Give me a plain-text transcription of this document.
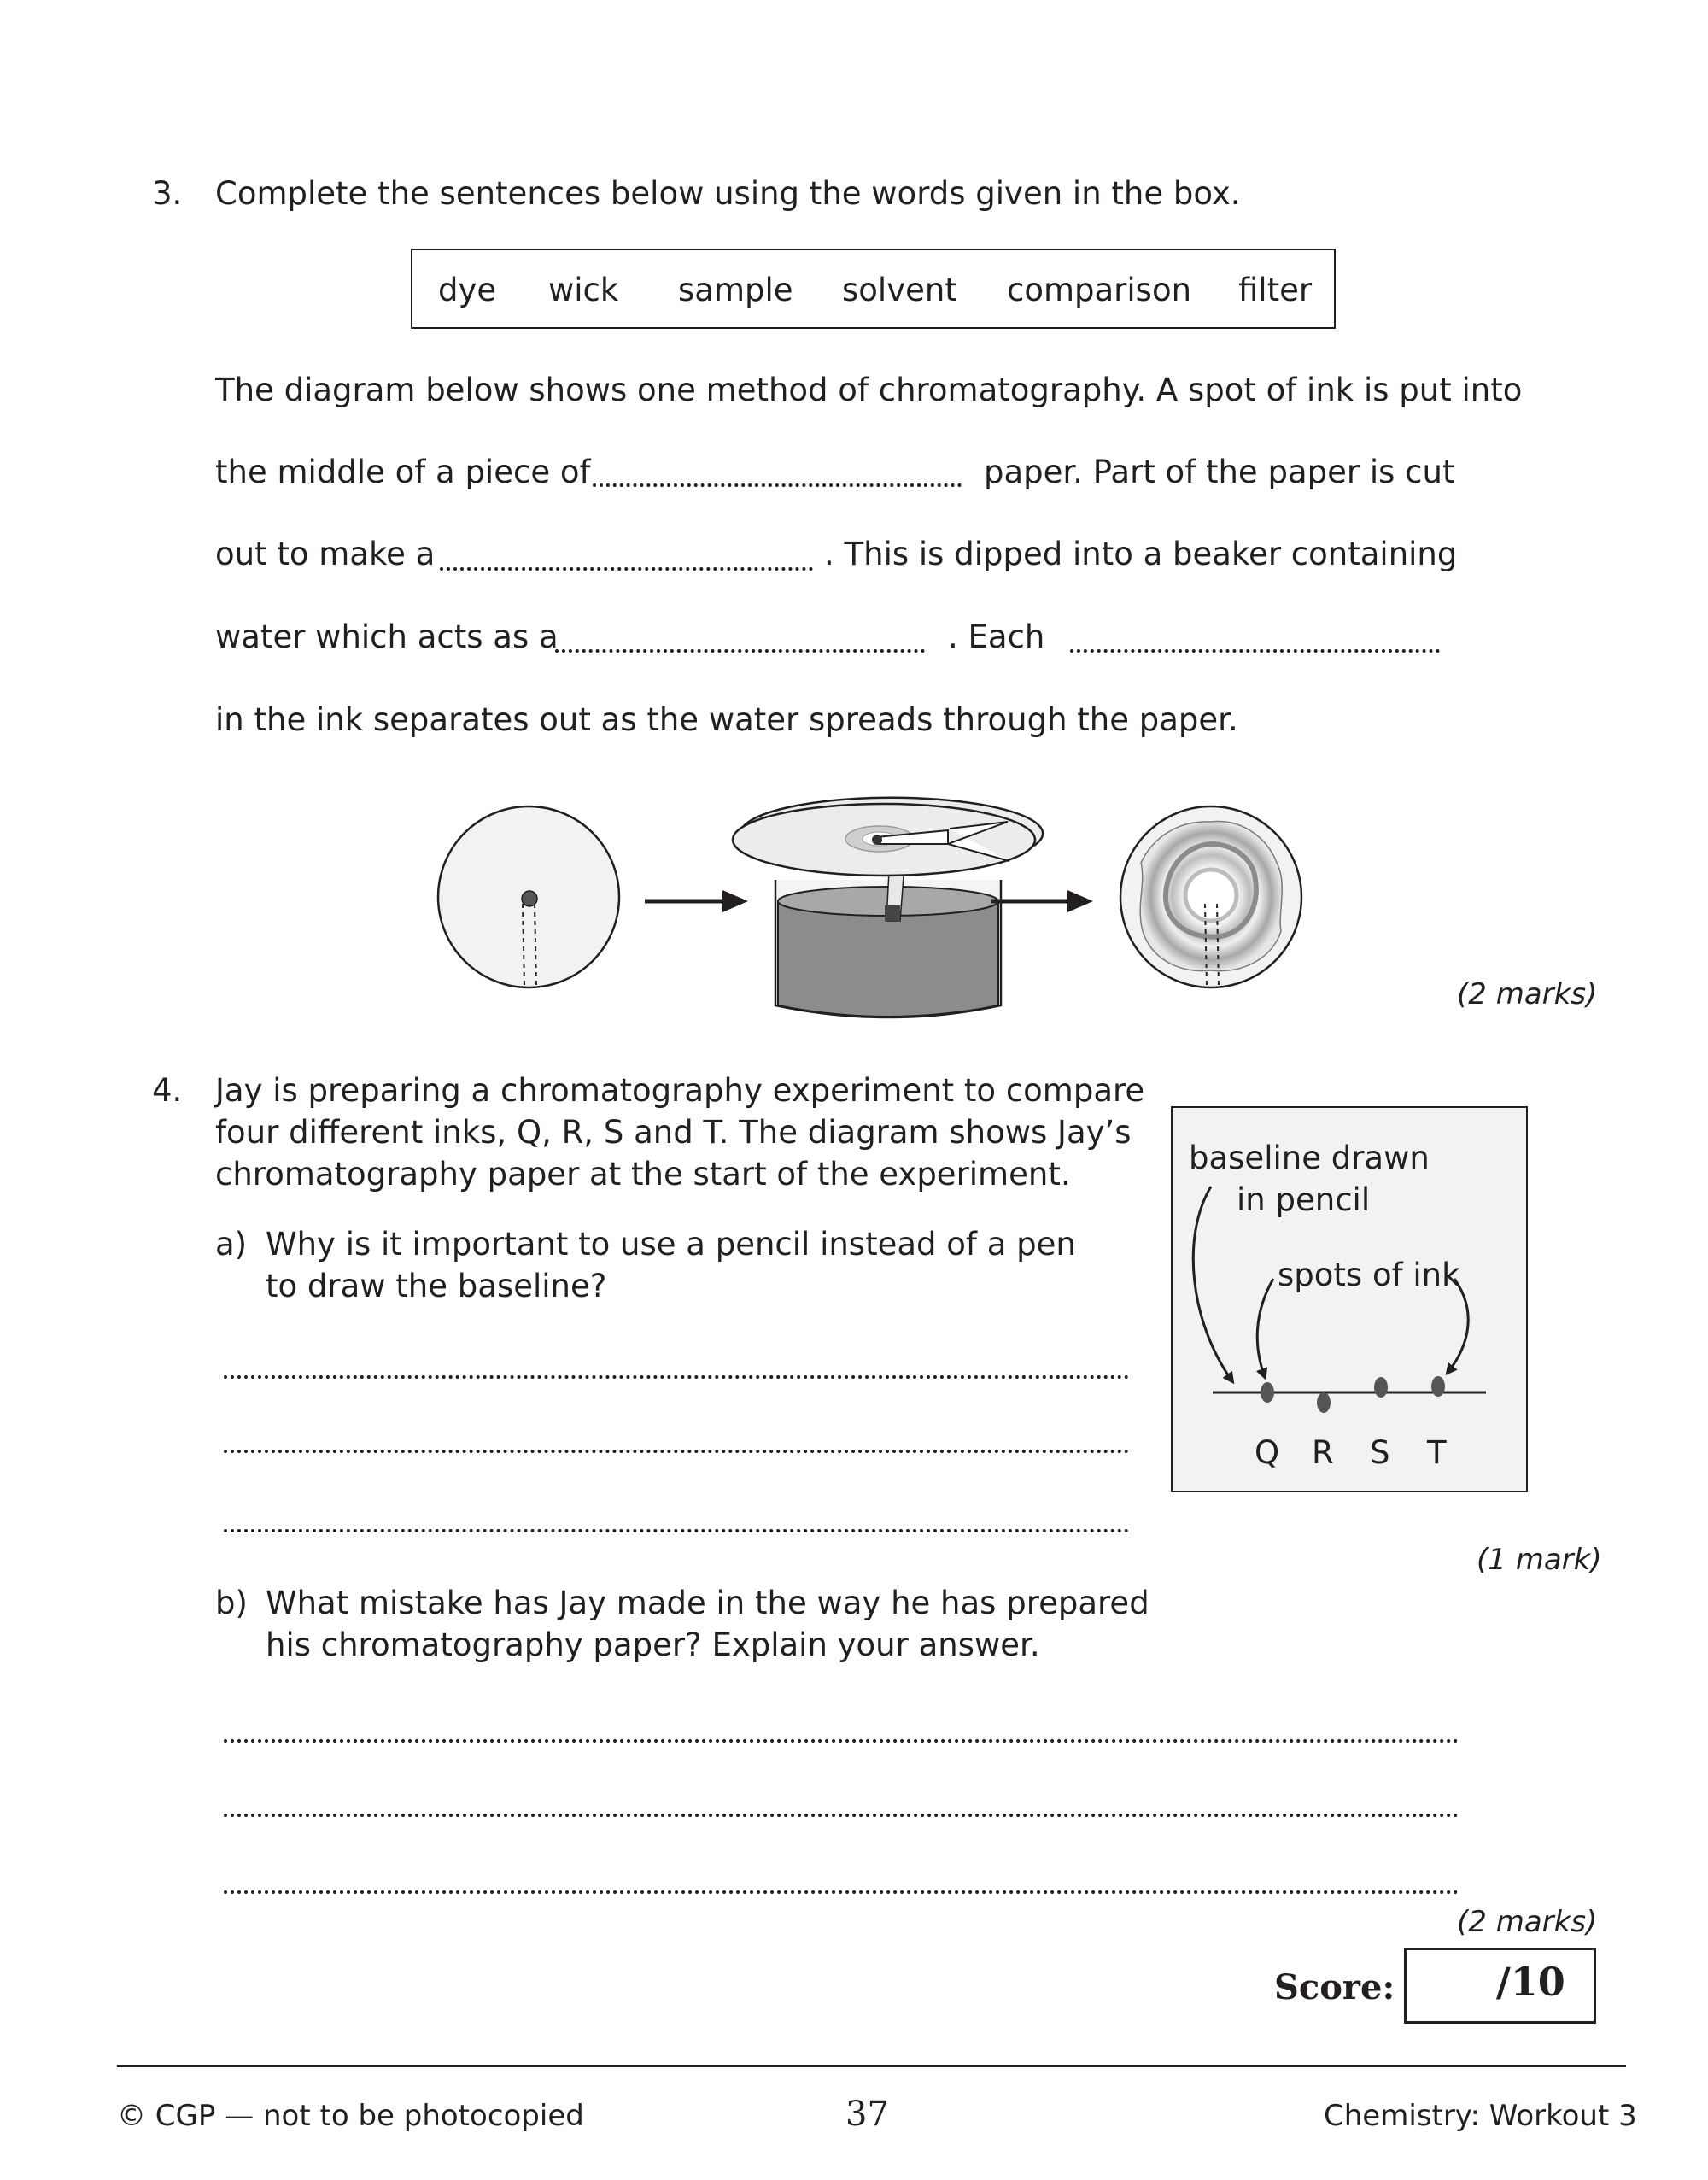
3. Complete the sentences below using the words given in the box.
dye wick sample solvent comparison filter
The diagram below shows one method of chromatography. A spot of ink is put into
the middle of a piece of	paper. Part of the paper is cut
out to make a	. This is dipped into a beaker containing
water which acts as a	. Each
in the ink separates out as the water spreads through the paper.
(2 marks)
4. Jay is preparing a chromatography experiment to compare
four different inks, Q, R, S and T. The diagram shows Jay’s
chromatography paper at the start of the experiment.
a) Why is it important to use a pencil instead of a pen
to draw the baseline?
baseline drawn
in pencil
spots of ink
Q R S T
(1 mark)
b) What mistake has Jay made in the way he has prepared
his chromatography paper? Explain your answer.
(2 marks)
Score:	/10
© CGP — not to be photocopied	37	Chemistry: Workout 3
